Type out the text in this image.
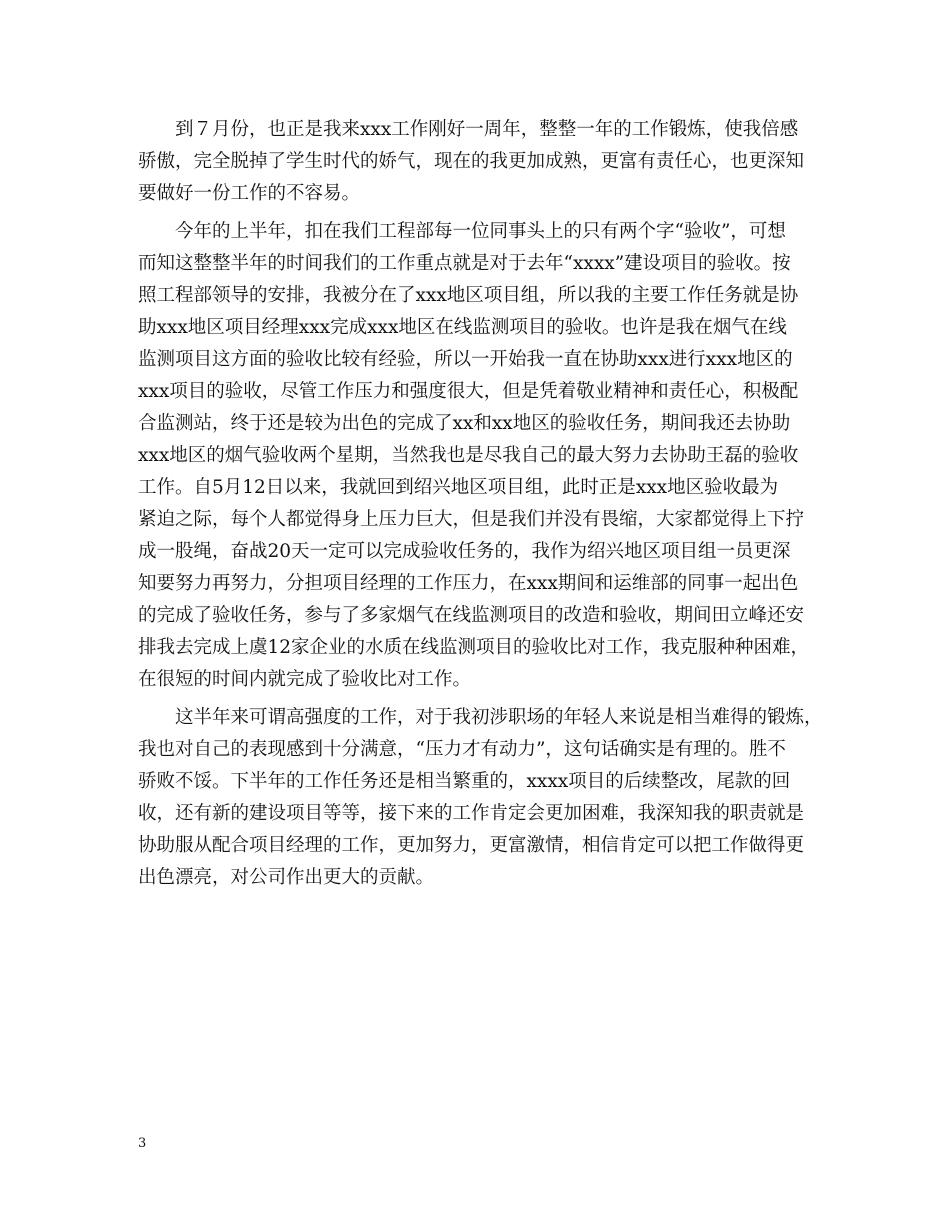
到７月份，也正是我来xxx工作刚好一周年，整整一年的工作锻炼，使我倍感
骄傲，完全脱掉了学生时代的娇气，现在的我更加成熟，更富有责任心，也更深知
要做好一份工作的不容易。
今年的上半年，扣在我们工程部每一位同事头上的只有两个字“验收”，可想
而知这整整半年的时间我们的工作重点就是对于去年“xxxx”建设项目的验收。按
照工程部领导的安排，我被分在了xxx地区项目组，所以我的主要工作任务就是协
助xxx地区项目经理xxx完成xxx地区在线监测项目的验收。也许是我在烟气在线
监测项目这方面的验收比较有经验，所以一开始我一直在协助xxx进行xxx地区的
xxx项目的验收，尽管工作压力和强度很大，但是凭着敬业精神和责任心，积极配
合监测站，终于还是较为出色的完成了xx和xx地区的验收任务，期间我还去协助
xxx地区的烟气验收两个星期，当然我也是尽我自己的最大努力去协助王磊的验收
工作。自5月12日以来，我就回到绍兴地区项目组，此时正是xxx地区验收最为
紧迫之际，每个人都觉得身上压力巨大，但是我们并没有畏缩，大家都觉得上下拧
成一股绳，奋战20天一定可以完成验收任务的，我作为绍兴地区项目组一员更深
知要努力再努力，分担项目经理的工作压力，在xxx期间和运维部的同事一起出色
的完成了验收任务，参与了多家烟气在线监测项目的改造和验收，期间田立峰还安
排我去完成上虞12家企业的水质在线监测项目的验收比对工作，我克服种种困难，
在很短的时间内就完成了验收比对工作。
这半年来可谓高强度的工作，对于我初涉职场的年轻人来说是相当难得的锻炼，
我也对自己的表现感到十分满意，“压力才有动力”，这句话确实是有理的。胜不
骄败不馁。下半年的工作任务还是相当繁重的，xxxx项目的后续整改，尾款的回
收，还有新的建设项目等等，接下来的工作肯定会更加困难，我深知我的职责就是
协助服从配合项目经理的工作，更加努力，更富激情，相信肯定可以把工作做得更
出色漂亮，对公司作出更大的贡献。
3
